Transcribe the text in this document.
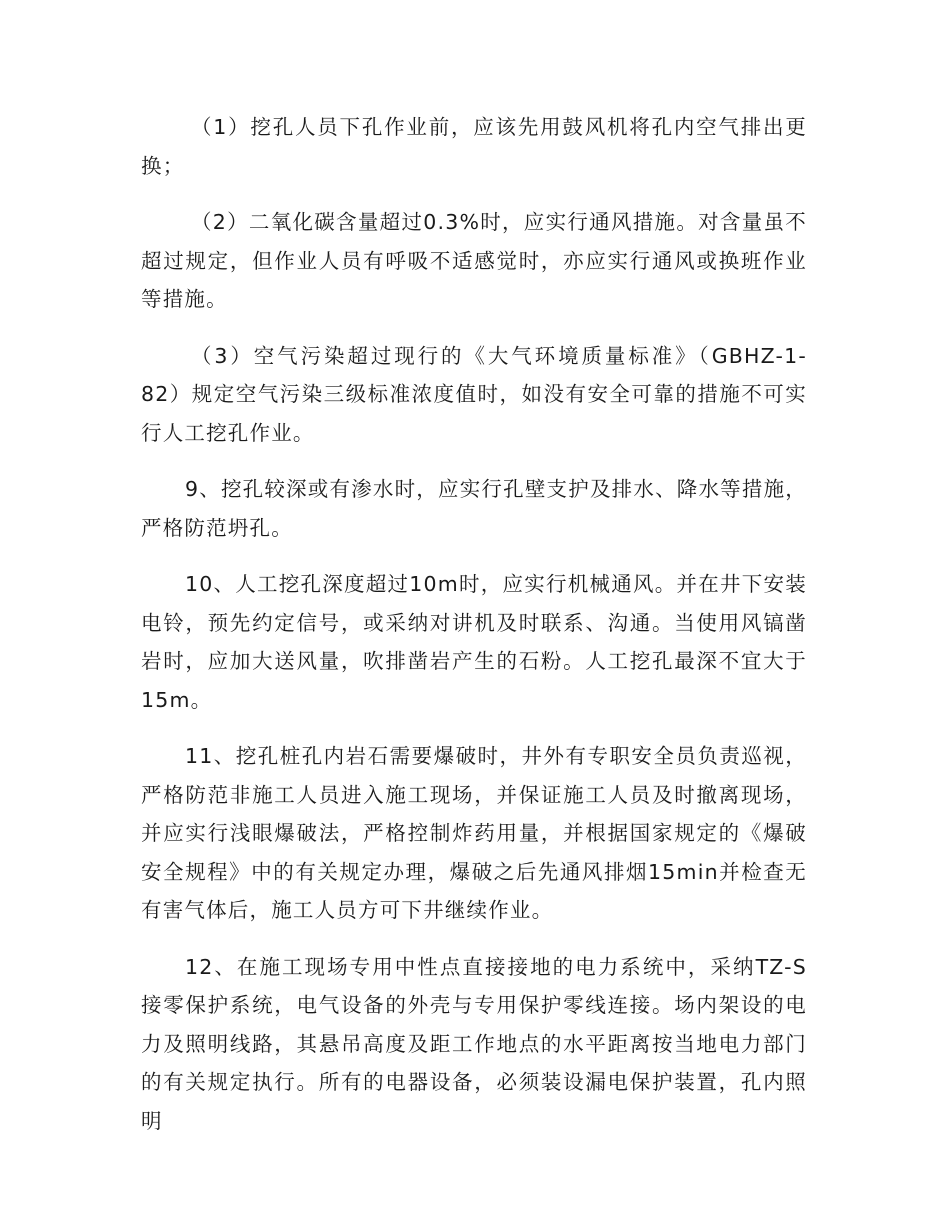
（1）挖孔人员下孔作业前，应该先用鼓风机将孔内空气排出更换；

（2）二氧化碳含量超过0.3%时，应实行通风措施。对含量虽不超过规定，但作业人员有呼吸不适感觉时，亦应实行通风或换班作业等措施。

（3）空气污染超过现行的《大气环境质量标准》（GBHZ-1-82）规定空气污染三级标准浓度值时，如没有安全可靠的措施不可实行人工挖孔作业。

9、挖孔较深或有渗水时，应实行孔壁支护及排水、降水等措施，严格防范坍孔。

10、人工挖孔深度超过10m时，应实行机械通风。并在井下安装电铃，预先约定信号，或采纳对讲机及时联系、沟通。当使用风镐凿岩时，应加大送风量，吹排凿岩产生的石粉。人工挖孔最深不宜大于15m。

11、挖孔桩孔内岩石需要爆破时，井外有专职安全员负责巡视，严格防范非施工人员进入施工现场，并保证施工人员及时撤离现场，并应实行浅眼爆破法，严格控制炸药用量，并根据国家规定的《爆破安全规程》中的有关规定办理，爆破之后先通风排烟15min并检查无有害气体后，施工人员方可下井继续作业。

12、在施工现场专用中性点直接接地的电力系统中，采纳TZ-S接零保护系统，电气设备的外壳与专用保护零线连接。场内架设的电力及照明线路，其悬吊高度及距工作地点的水平距离按当地电力部门的有关规定执行。所有的电器设备，必须装设漏电保护装置，孔内照明
